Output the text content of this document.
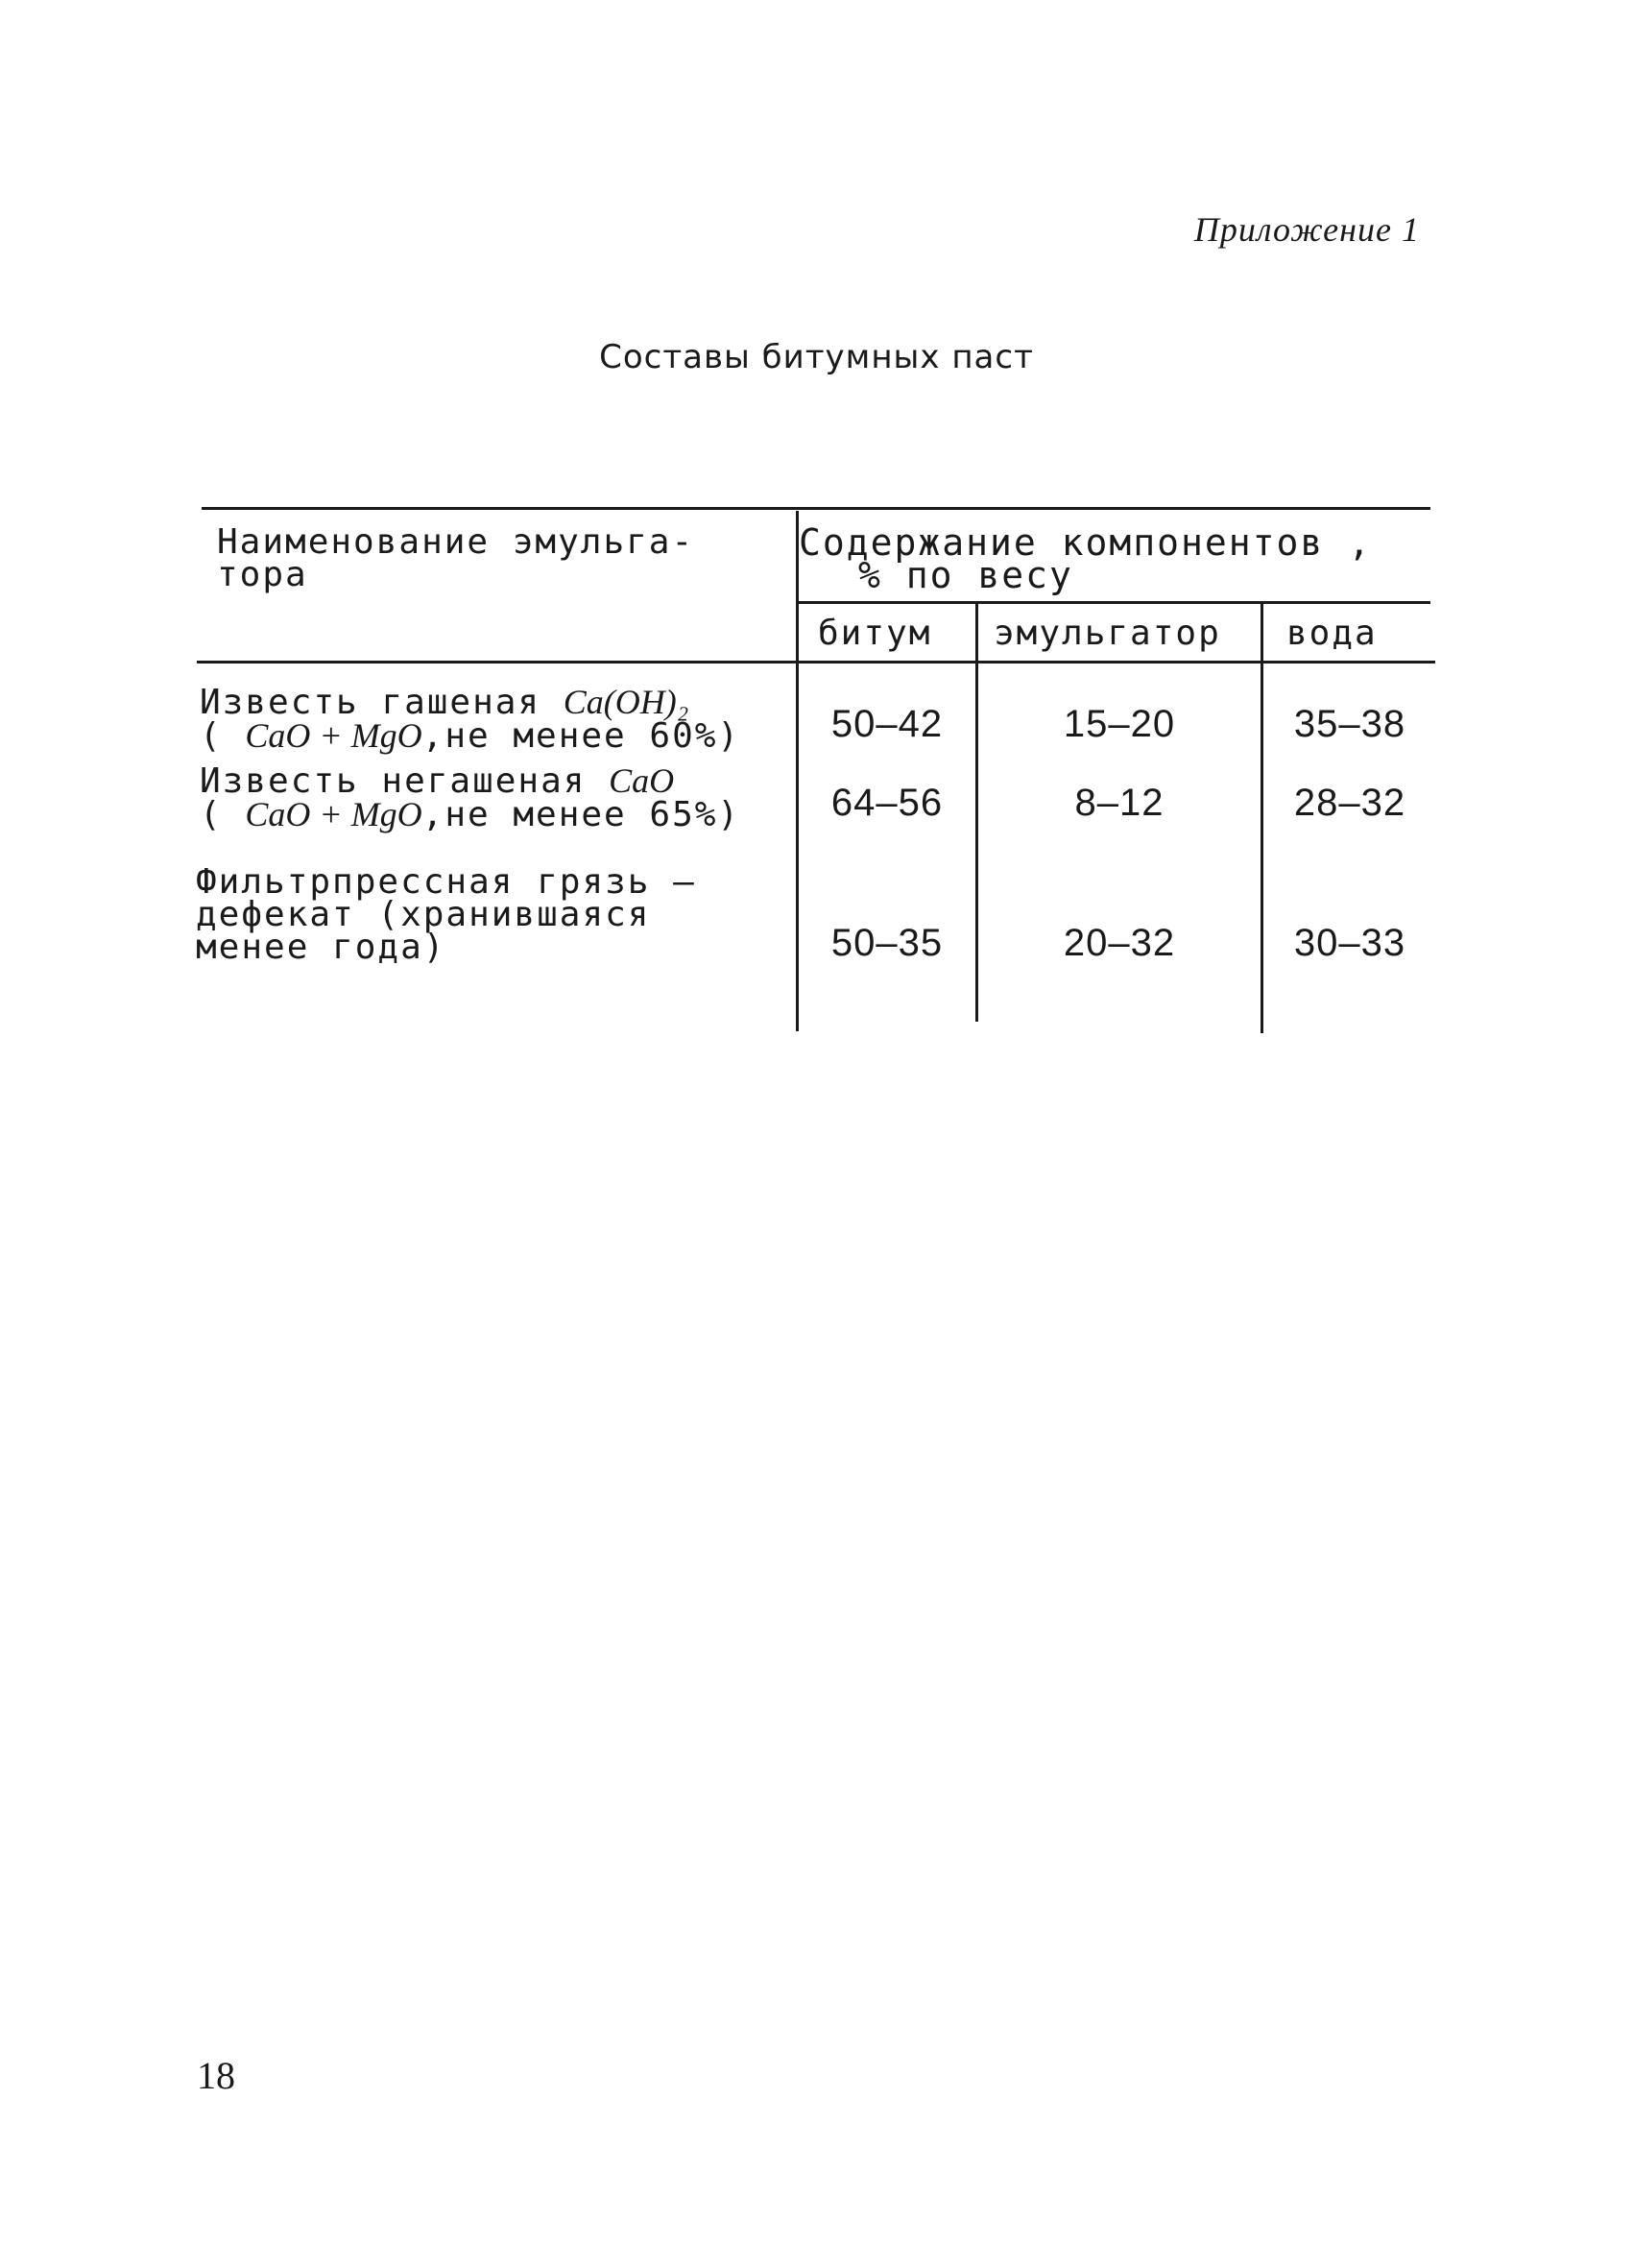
Приложение 1
Составы битумных паст
Наименование эмульга-
тора
Содержание компонентов ,
% по весу
битум эмульгатор вода
Известь гашеная Ca(OH)₂
( CaO + MgO,не менее 60%)	50–42	15–20	35–38
Известь негашеная CaO
( CaO + MgO,не менее 65%)	64–56	8–12	28–32
Фильтрпрессная грязь –
дефекат (хранившаяся
менее года)	50–35	20–32	30–33
18
